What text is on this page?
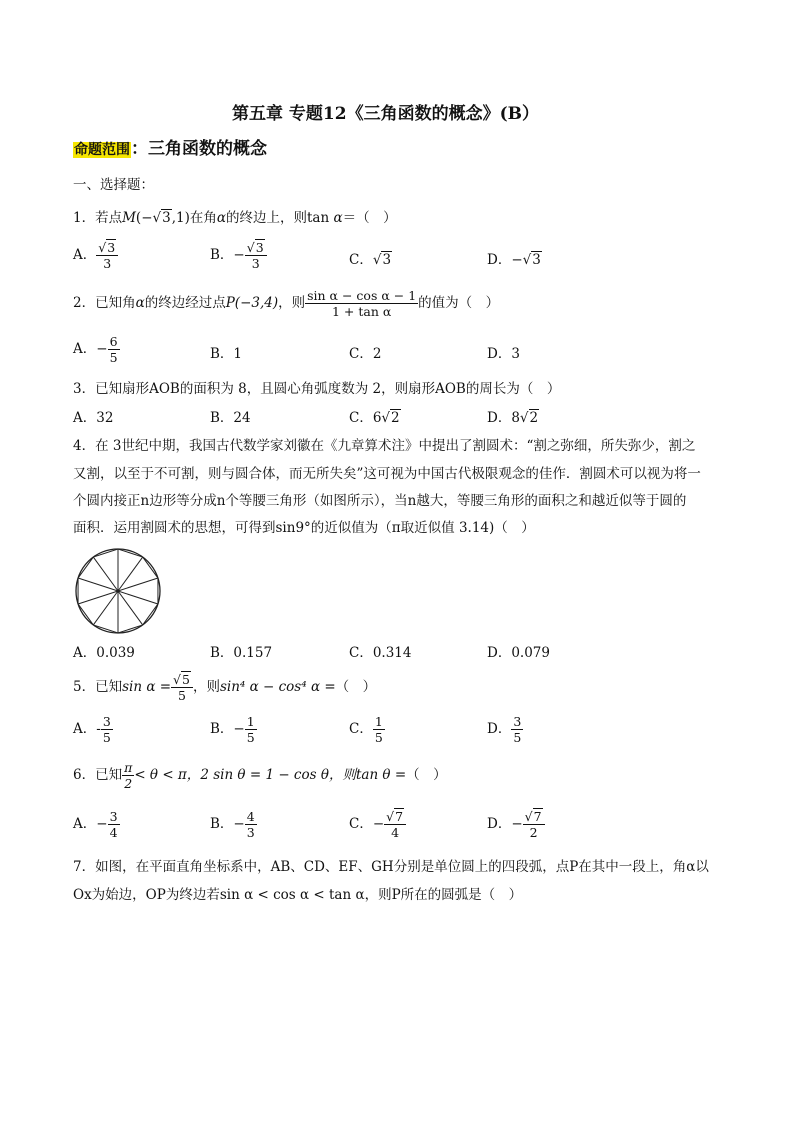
第五章 专题12《三角函数的概念》(B）
命题范围：三角函数的概念
一、选择题：
1．若点M(−√3,1)在角α的终边上，则tan α＝（　）
A． $\frac{√3}{3}$	B．− $\frac{√3}{3}$	C．√3	D．−√3
2．已知角α的终边经过点P(−3,4)，则 $\frac{\text{sin α − cos α − 1}}{\text{1 + tan α}}$ 的值为（　）
A．− $\frac{6}{5}$	B．1	C．2	D．3
3．已知扇形AOB的面积为 8，且圆心角弧度数为 2，则扇形AOB的周长为（　）
A．32	B．24	C．6√2	D．8√2
4．在 3世纪中期，我国古代数学家刘徽在《九章算术注》中提出了割圆术：“割之弥细，所失弥少，割之
又割，以至于不可割，则与圆合体，而无所失矣”这可视为中国古代极限观念的佳作．割圆术可以视为将一
个圆内接正n边形等分成n个等腰三角形（如图所示），当n越大，等腰三角形的面积之和越近似等于圆的
面积．运用割圆术的思想，可得到sin9°的近似值为（π取近似值 3.14)（　）
A．0.039	B．0.157	C．0.314	D．0.079
5．已知$\sin \alpha = \frac{√5}{5}$ ，则sin⁴ α − cos⁴ α =（　）
A．- $\frac{3}{5}$	B．− $\frac{1}{5}$	C． $\frac{1}{5}$	D． $\frac{3}{5}$
6．已知 $\frac{\pi}{2} < \theta < \pi$，2 sin θ = 1 − cos θ，则tan θ =（　）
A．− $\frac{3}{4}$	B．− $\frac{4}{3}$	C．− $\frac{√7}{4}$	D．− $\frac{√7}{2}$
7．如图，在平面直角坐标系中，AB、CD、EF、GH分别是单位圆上的四段弧，点P在其中一段上，角α以
Ox为始边，OP为终边若sin α < cos α < tan α，则P所在的圆弧是（　）
